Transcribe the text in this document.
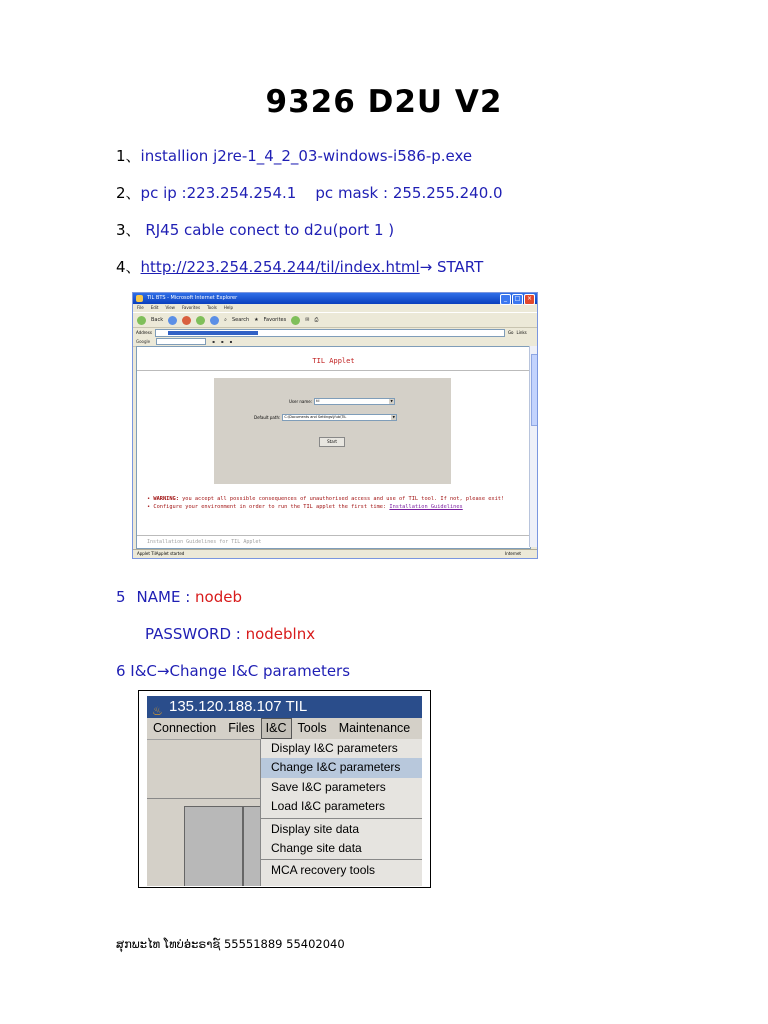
9326 D2U V2
1、installion j2re-1_4_2_03-windows-i586-p.exe
2、pc ip :223.254.254.1    pc mask : 255.255.240.0
3、 RJ45 cable conect to d2u(port 1 )
4、http://223.254.254.244/til/index.html→ START
TIL BTS - Microsoft Internet Explorer	_	□	×
File Edit View Favorites Tools Help
Back	⌕ Search ★ Favorites	✉ ⎙
Address	Go Links
Google	▪ ▪ ▪
TIL Applet
User name:	til	▼
Default path:	C:\Documents and Settings\jfub\TIL	▼
Start
• WARNING: you accept all possible consequences of unauthorised access and use of TIL tool. If not, please exit!
• Configure your environment in order to run the TIL applet the first time: Installation Guidelines
Installation Guidelines for TIL Applet
Applet TilApplet started	Internet
5 NAME : nodeb
PASSWORD : nodeblnx
6 I&C→Change I&C parameters
♨ 135.120.188.107 TIL
Connection Files I&C Tools Maintenance
Display I&C parameters
Change I&C parameters
Save I&C parameters
Load I&C parameters
Display site data
Change site data
MCA recovery tools
ສຸກພະໄທ ໂທບ່ອ່ະຣາຊ໌ 55551889 55402040
